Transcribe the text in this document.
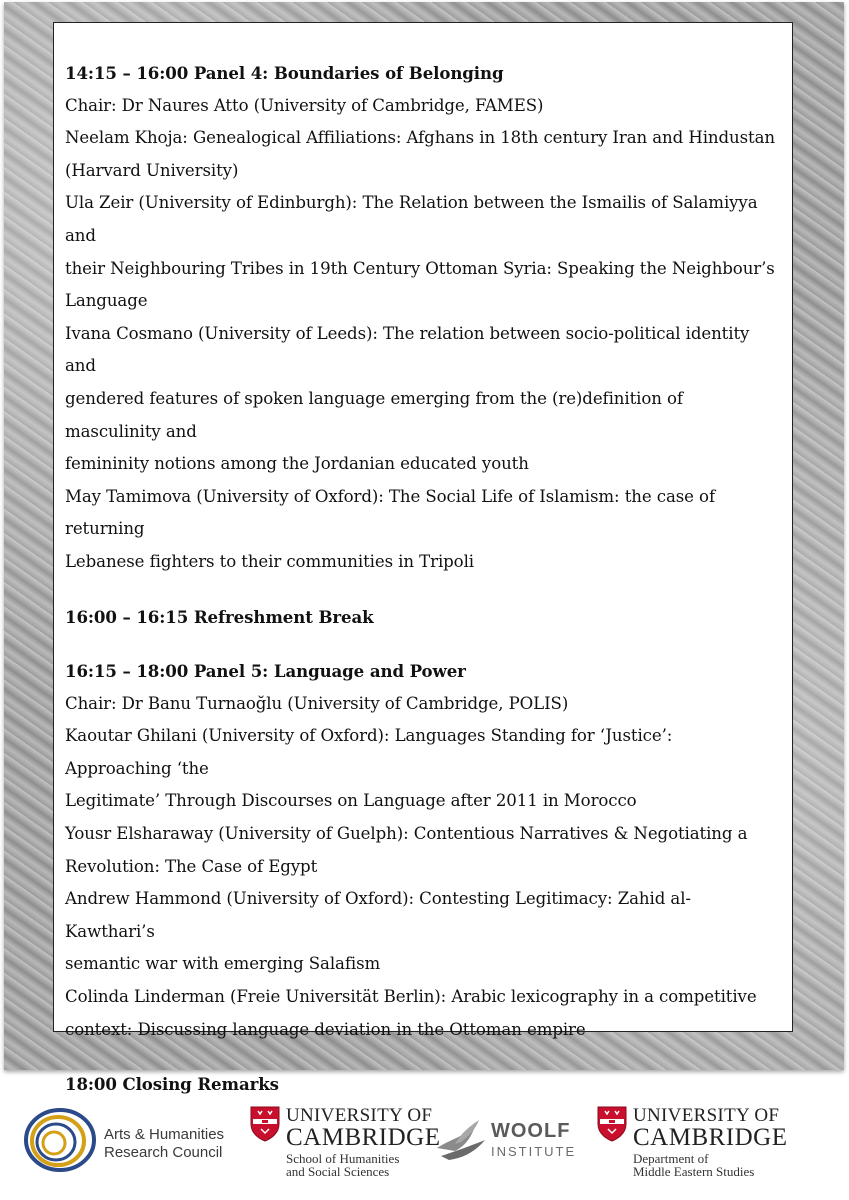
14:15 – 16:00 Panel 4: Boundaries of Belonging

Chair: Dr Naures Atto (University of Cambridge, FAMES)

Neelam Khoja: Genealogical Affiliations: Afghans in 18th century Iran and Hindustan

(Harvard University)

Ula Zeir (University of Edinburgh): The Relation between the Ismailis of Salamiyya and

their Neighbouring Tribes in 19th Century Ottoman Syria: Speaking the Neighbour’s

Language

Ivana Cosmano (University of Leeds): The relation between socio-political identity and

gendered features of spoken language emerging from the (re)definition of masculinity and

femininity notions among the Jordanian educated youth

May Tamimova (University of Oxford): The Social Life of Islamism: the case of returning

Lebanese fighters to their communities in Tripoli

16:00 – 16:15 Refreshment Break

16:15 – 18:00 Panel 5: Language and Power

Chair: Dr Banu Turnaoğlu (University of Cambridge, POLIS)

Kaoutar Ghilani (University of Oxford): Languages Standing for ‘Justice’: Approaching ‘the

Legitimate’ Through Discourses on Language after 2011 in Morocco

Yousr Elsharaway (University of Guelph): Contentious Narratives & Negotiating a

Revolution: The Case of Egypt

Andrew Hammond (University of Oxford): Contesting Legitimacy: Zahid al-Kawthari’s

semantic war with emerging Salafism

Colinda Linderman (Freie Universität Berlin): Arabic lexicography in a competitive

context: Discussing language deviation in the Ottoman empire

18:00 Closing Remarks

Arts & Humanities
Research Council
UNIVERSITY OF
CAMBRIDGE
School of Humanities
and Social Sciences
WOOLF
INSTITUTE
UNIVERSITY OF
CAMBRIDGE
Department of
Middle Eastern Studies
